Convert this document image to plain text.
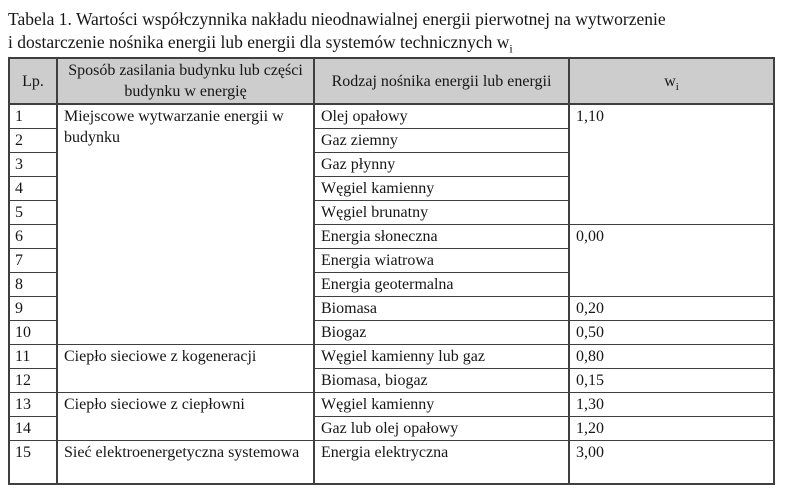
Tabela 1. Wartości współczynnika nakładu nieodnawialnej energii pierwotnej na wytworzenie
i dostarczenie nośnika energii lub energii dla systemów technicznych $w_i$
Lp.	Sposób zasilania budynku lub części budynku w energię	Rodzaj nośnika energii lub energii	$w_i$
1	Miejscowe wytwarzanie energii w budynku	Olej opałowy	1,10
2		Gaz ziemny	
3		Gaz płynny	
4		Węgiel kamienny	
5		Węgiel brunatny	
6		Energia słoneczna	0,00
7		Energia wiatrowa	
8		Energia geotermalna	
9		Biomasa	0,20
10		Biogaz	0,50
11	Ciepło sieciowe z kogeneracji	Węgiel kamienny lub gaz	0,80
12		Biomasa, biogaz	0,15
13	Ciepło sieciowe z ciepłowni	Węgiel kamienny	1,30
14		Gaz lub olej opałowy	1,20
15	Sieć elektroenergetyczna systemowa	Energia elektryczna	3,00
